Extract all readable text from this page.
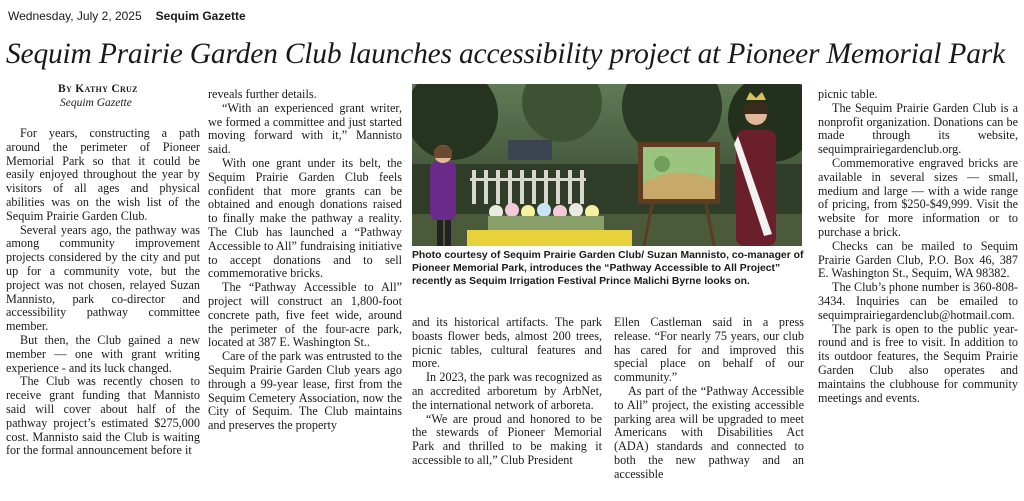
Wednesday, July 2, 2025 Sequim Gazette
Sequim Prairie Garden Club launches accessibility project at Pioneer Memorial Park
By Kathy Cruz
Sequim Gazette

For years, constructing a path around the perimeter of Pioneer Memorial Park so that it could be easily enjoyed throughout the year by visitors of all ages and physical abilities was on the wish list of the Sequim Prairie Garden Club.

Several years ago, the pathway was among community improvement projects considered by the city and put up for a community vote, but the project was not chosen, relayed Suzan Mannisto, park co-director and accessibility pathway committee member.

But then, the Club gained a new member — one with grant writing experience - and its luck changed.

The Club was recently chosen to receive grant funding that Mannisto said will cover about half of the pathway project’s estimated $275,000 cost. Mannisto said the Club is waiting for the formal announcement before it

reveals further details.

“With an experienced grant writer, we formed a committee and just started moving forward with it,” Mannisto said.

With one grant under its belt, the Sequim Prairie Garden Club feels confident that more grants can be obtained and enough donations raised to finally make the pathway a reality. The Club has launched a “Pathway Accessible to All” fundraising initiative to accept donations and to sell commemorative bricks.

The “Pathway Accessible to All” project will construct an 1,800-foot concrete path, five feet wide, around the perimeter of the four-acre park, located at 387 E. Washington St..

Care of the park was entrusted to the Sequim Prairie Garden Club years ago through a 99-year lease, first from the Sequim Cemetery Association, now the City of Sequim. The Club maintains and preserves the property

Photo courtesy of Sequim Prairie Garden Club/ Suzan Mannisto, co-manager of Pioneer Memorial Park, introduces the “Pathway Accessible to All Project” recently as Sequim Irrigation Festival Prince Malichi Byrne looks on.

and its historical artifacts. The park boasts flower beds, almost 200 trees, picnic tables, cultural features and more.

In 2023, the park was recognized as an accredited arboretum by ArbNet, the international network of arboreta.

“We are proud and honored to be the stewards of Pioneer Memorial Park and thrilled to be making it accessible to all,” Club President

Ellen Castleman said in a press release. “For nearly 75 years, our club has cared for and improved this special place on behalf of our community.”

As part of the “Pathway Accessible to All” project, the existing accessible parking area will be upgraded to meet Americans with Disabilities Act (ADA) standards and connected to both the new pathway and an accessible

picnic table.

The Sequim Prairie Garden Club is a nonprofit organization. Donations can be made through its website, sequimprairiegardenclub.org.

Commemorative engraved bricks are available in several sizes — small, medium and large — with a wide range of pricing, from $250-$49,999. Visit the website for more information or to purchase a brick.

Checks can be mailed to Sequim Prairie Garden Club, P.O. Box 46, 387 E. Washington St., Sequim, WA 98382.

The Club’s phone number is 360-808-3434. Inquiries can be emailed to sequimprairiegardenclub@hotmail.com.

The park is open to the public year-round and is free to visit. In addition to its outdoor features, the Sequim Prairie Garden Club also operates and maintains the clubhouse for community meetings and events.
